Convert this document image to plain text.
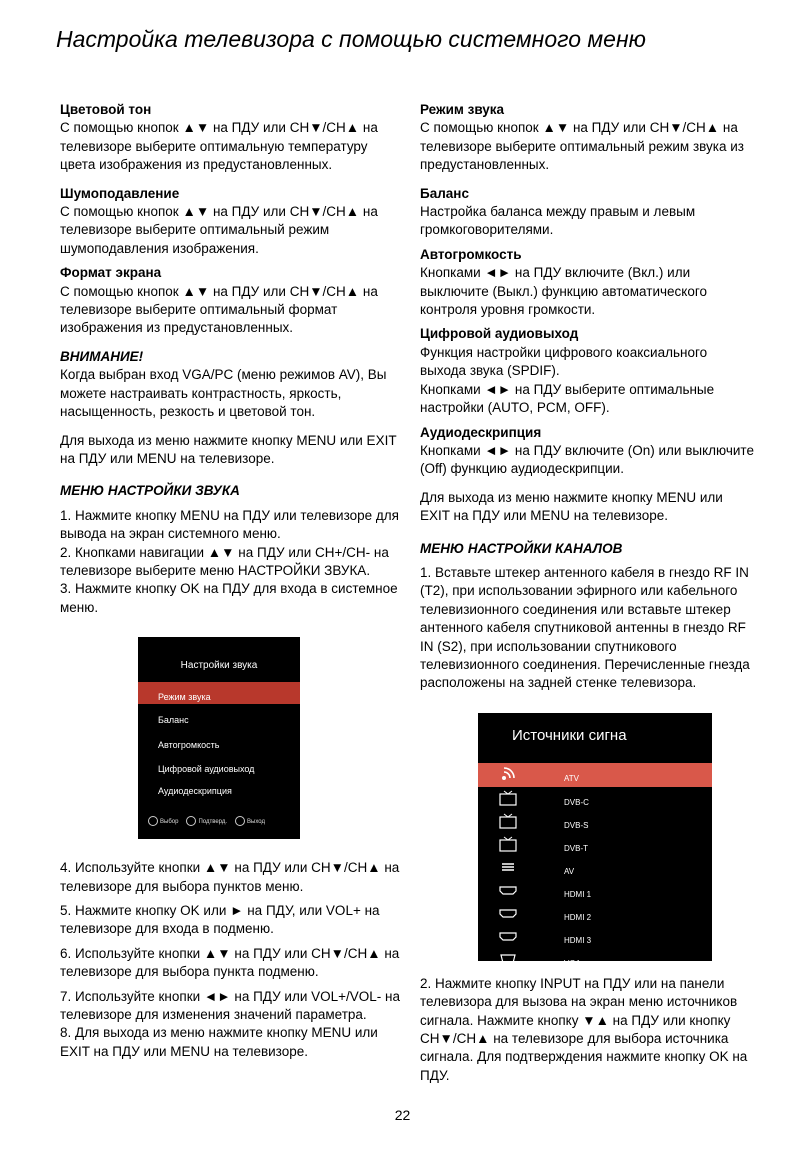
Настройка телевизора с помощью системного меню

Цветовой тон

С помощью кнопок ▲▼ на ПДУ или CH▼/CH▲ на телевизоре выберите оптимальную температуру цвета изображения из предустановленных.

Шумоподавление

С помощью кнопок ▲▼ на ПДУ или CH▼/CH▲ на телевизоре выберите оптимальный режим шумоподавления изображения.

Формат экрана

С помощью кнопок ▲▼ на ПДУ или CH▼/CH▲ на телевизоре выберите оптимальный формат изображения из предустановленных.

ВНИМАНИЕ!

Когда выбран вход VGA/PC (меню режимов AV), Вы можете настраивать контрастность, яркость, насыщенность, резкость и цветовой тон.

Для выхода из меню нажмите кнопку MENU или EXIT на ПДУ или MENU на телевизоре.

МЕНЮ НАСТРОЙКИ ЗВУКА

1. Нажмите кнопку MENU на ПДУ или телевизоре для вывода на экран системного меню.

2. Кнопками навигации ▲▼ на ПДУ или CH+/CH- на телевизоре выберите меню НАСТРОЙКИ ЗВУКА.

3. Нажмите кнопку OK на ПДУ для входа в системное меню.

Настройки звука
Режим звука
Баланс
Автогромкость
Цифровой аудиовыход
Аудиодескрипция
Выбор	Подтверд.	Выход

4. Используйте кнопки ▲▼ на ПДУ или CH▼/CH▲ на телевизоре для выбора пунктов меню.

5. Нажмите кнопку OK или ► на ПДУ, или VOL+ на телевизоре для входа в подменю.

6. Используйте кнопки ▲▼ на ПДУ или CH▼/CH▲ на телевизоре для выбора пункта подменю.

7. Используйте кнопки ◄► на ПДУ или VOL+/VOL- на телевизоре для изменения значений параметра.

8. Для выхода из меню нажмите кнопку MENU или EXIT на ПДУ или MENU на телевизоре.

Режим звука

С помощью кнопок ▲▼ на ПДУ или CH▼/CH▲ на телевизоре выберите оптимальный режим звука из предустановленных.

Баланс

Настройка баланса между правым и левым громкоговорителями.

Автогромкость

Кнопками ◄► на ПДУ включите (Вкл.) или выключите (Выкл.) функцию автоматического контроля уровня громкости.

Цифровой аудиовыход

Функция настройки цифрового коаксиального выхода звука (SPDIF).

Кнопками ◄► на ПДУ выберите оптимальные настройки (AUTO, PCM, OFF).

Аудиодескрипция

Кнопками ◄► на ПДУ включите (On) или выключите (Off) функцию аудиодескрипции.

Для выхода из меню нажмите кнопку MENU или EXIT на ПДУ или MENU на телевизоре.

МЕНЮ НАСТРОЙКИ КАНАЛОВ

1. Вставьте штекер антенного кабеля в гнездо RF IN (T2), при использовании эфирного или кабельного телевизионного соединения или вставьте штекер антенного кабеля спутниковой антенны в гнездо RF IN (S2), при использовании спутникового телевизионного соединения. Перечисленные гнезда расположены на задней стенке телевизора.

Источники сигна
ATV
DVB-C
DVB-S
DVB-T
AV
HDMI 1
HDMI 2
HDMI 3
VGA

2. Нажмите кнопку INPUT на ПДУ или на панели телевизора для вызова на экран меню источников сигнала. Нажмите кнопку ▼▲ на ПДУ или кнопку CH▼/CH▲ на телевизоре для выбора источника сигнала. Для подтверждения нажмите кнопку OK на ПДУ.

22
